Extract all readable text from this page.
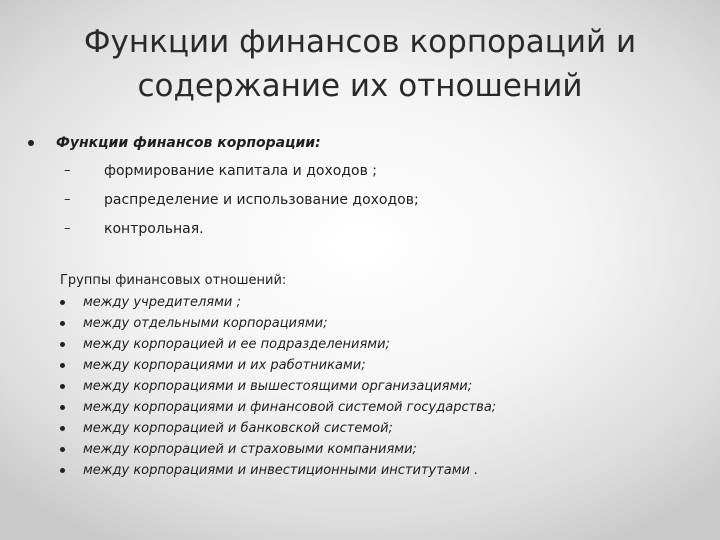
Функции финансов корпораций и
содержание их отношений
Функции финансов корпорации:
–	формирование капитала и доходов ;
–	распределение и использование доходов;
–	контрольная.
Группы финансовых отношений:
между учредителями ;
между отдельными корпорациями;
между корпорацией и ее подразделениями;
между корпорациями и их работниками;
между корпорациями и вышестоящими организациями;
между корпорациями и финансовой системой государства;
между корпорацией и банковской системой;
между корпорацией и страховыми компаниями;
между корпорациями и инвестиционными институтами .
